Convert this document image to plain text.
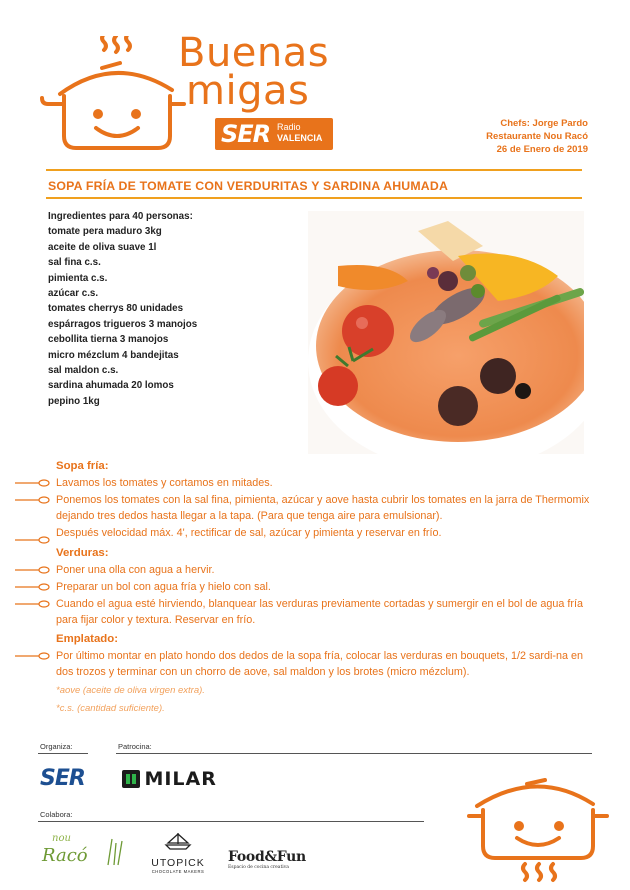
Buenas
migas
SER Radio
VALENCIA
Chefs: Jorge Pardo
Restaurante Nou Racó
26 de Enero de 2019
SOPA FRÍA DE TOMATE CON VERDURITAS Y SARDINA AHUMADA
Ingredientes para 40 personas:
tomate pera maduro 3kg
aceite de oliva suave 1l
sal fina c.s.
pimienta c.s.
azúcar c.s.
tomates cherrys 80 unidades
espárragos trigueros 3 manojos
cebollita tierna 3 manojos
micro mézclum 4 bandejitas
sal maldon c.s.
sardina ahumada 20 lomos
pepino 1kg
Sopa fría:
Lavamos los tomates y cortamos en mitades.
Ponemos los tomates con la sal fina, pimienta, azúcar y aove hasta cubrir los tomates en la jarra de Thermomix dejando tres dedos hasta llegar a la tapa. (Para que tenga aire para emulsionar).
Después velocidad máx. 4', rectificar de sal, azúcar y pimienta y reservar en frío.
Verduras:
Poner una olla con agua a hervir.
Preparar un bol con agua fría y hielo con sal.
Cuando el agua esté hirviendo, blanquear las verduras previamente cortadas y sumergir en el bol de agua fría para fijar color y textura. Reservar en frío.
Emplatado:
Por último montar en plato hondo dos dedos de la sopa fría, colocar las verduras en bouquets, 1/2 sardi-na en dos trozos y terminar con un chorro de aove, sal maldon y los brotes (micro mézclum).
*aove (aceite de oliva virgen extra).
*c.s. (cantidad suficiente).
Organiza:	Patrocina:
SER	MILAR
Colabora:
nou
Racó	UTOPICK
CHOCOLATE MAKERS
Food&Fun
Espacio de cocina creativa
